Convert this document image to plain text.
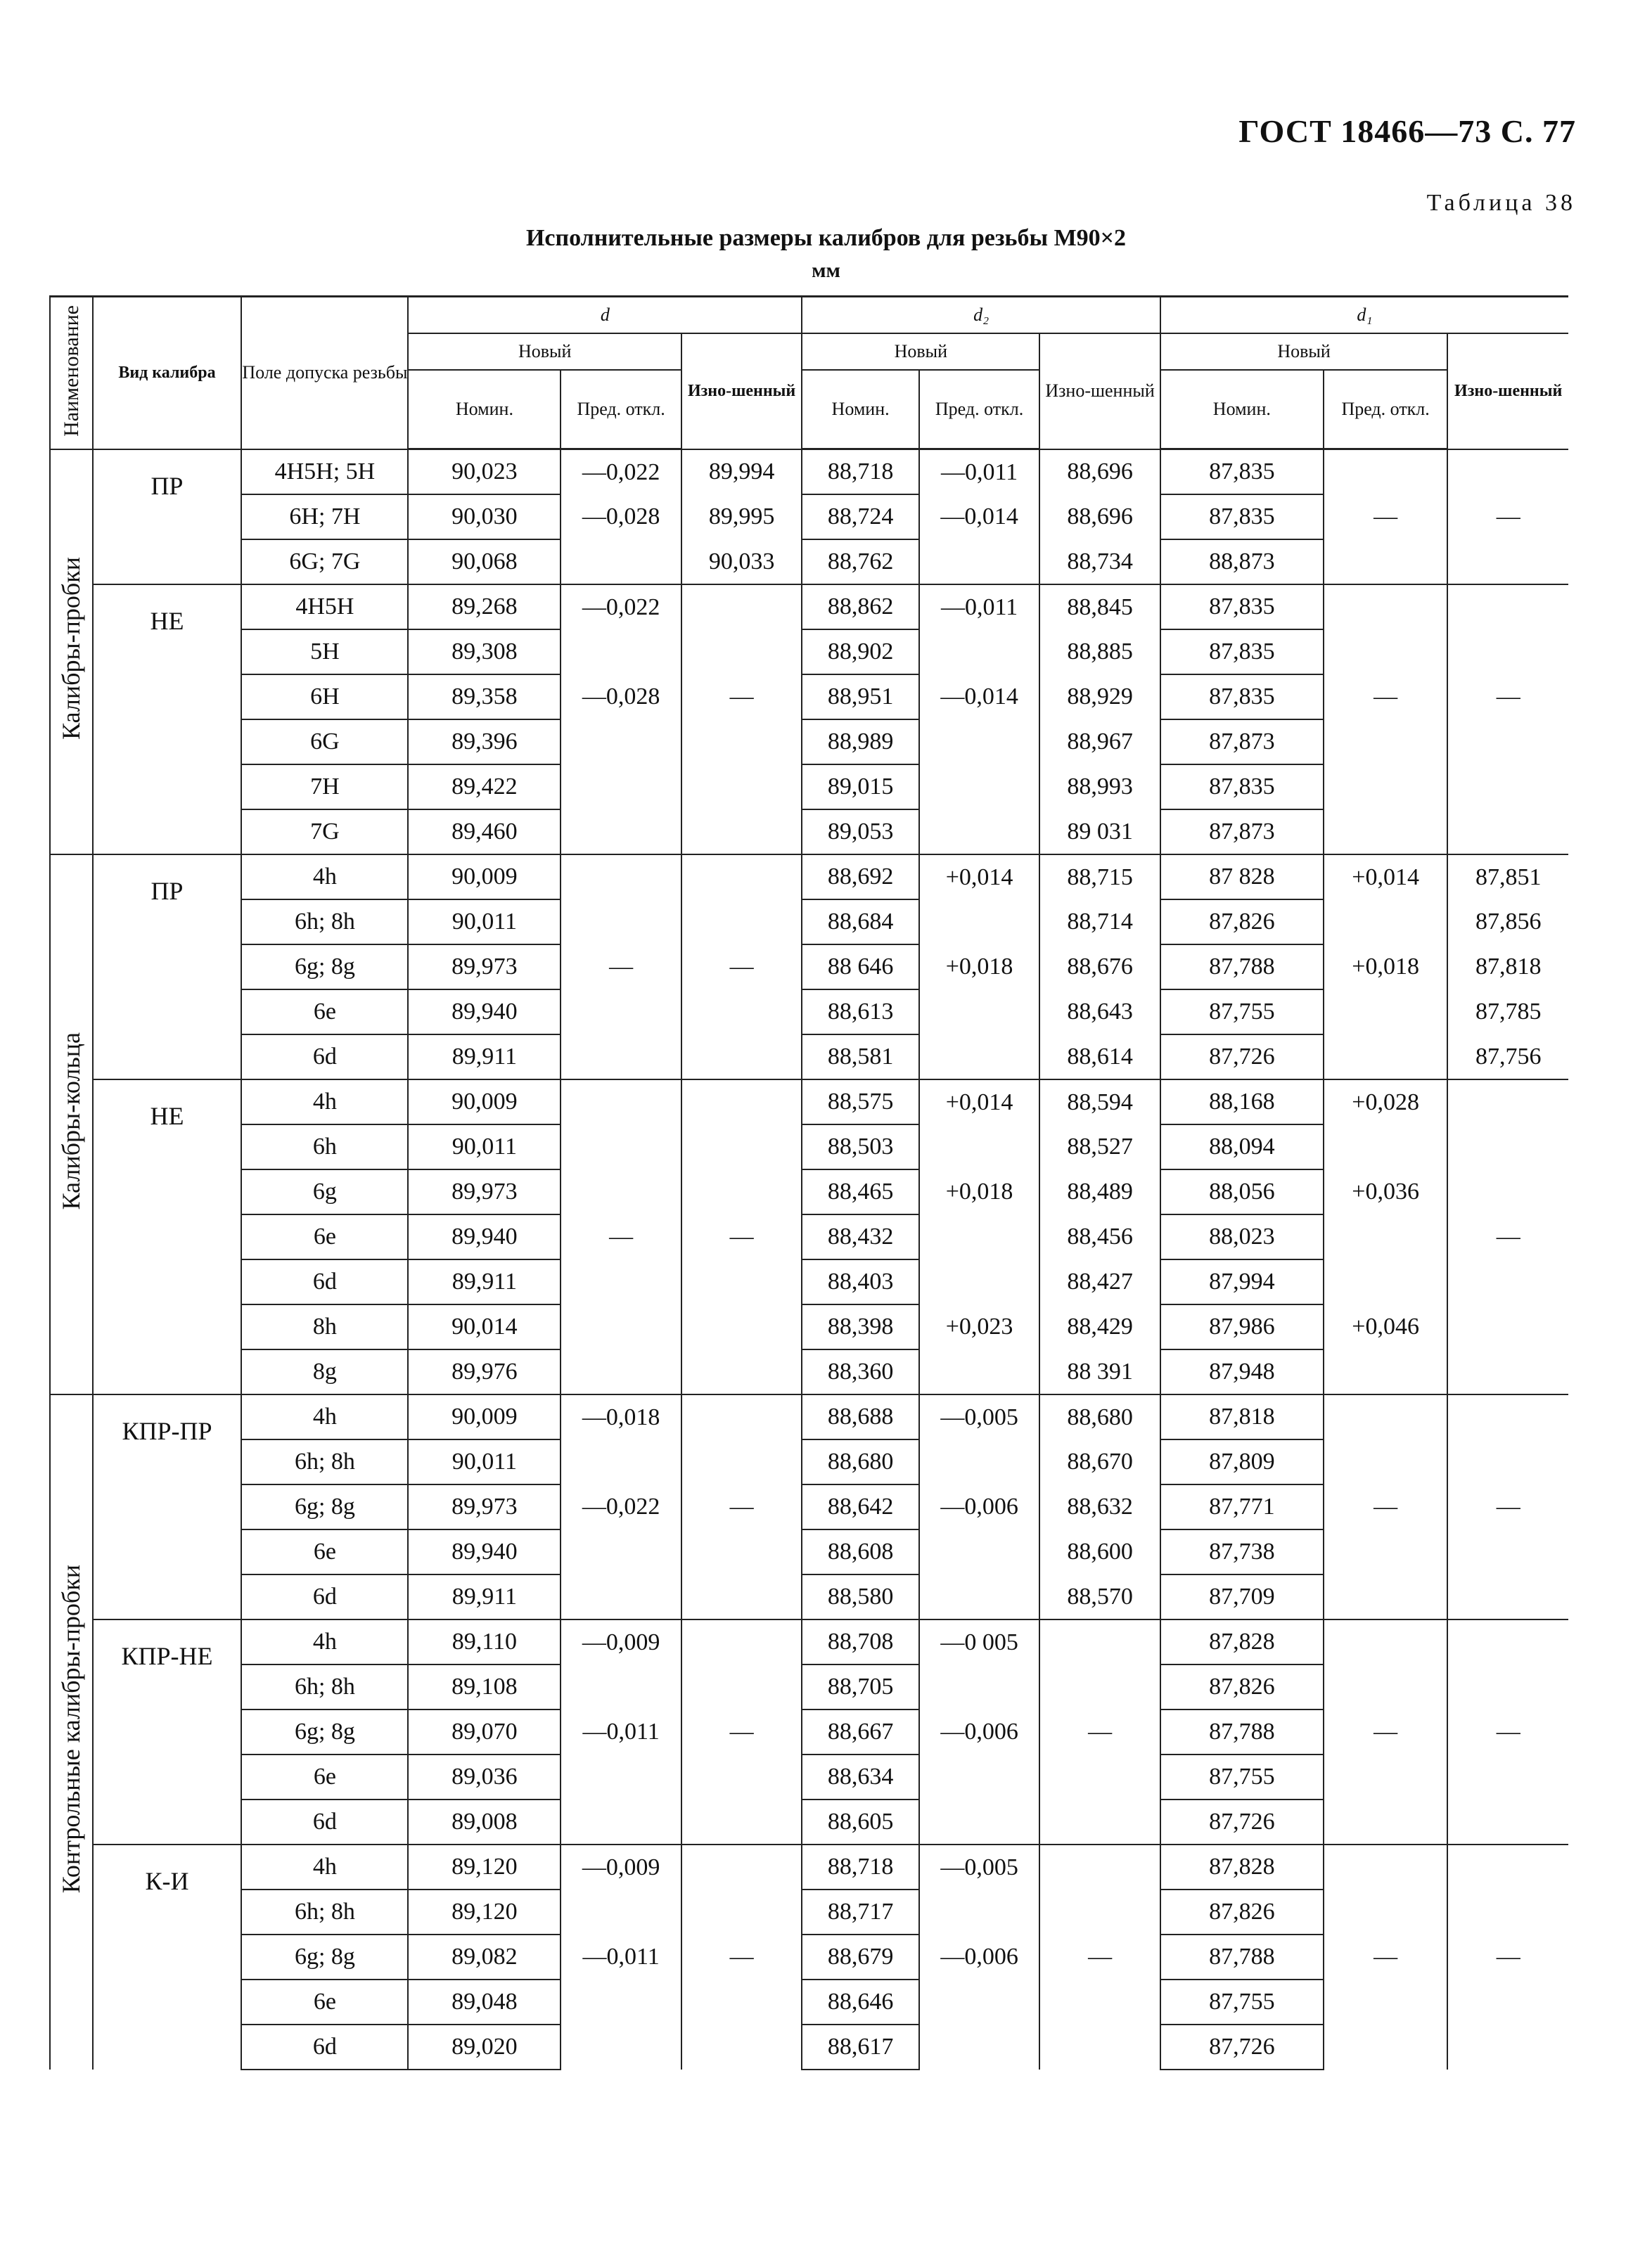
ГОСТ 18466—73 С. 77
Таблица 38
Исполнительные размеры калибров для резьбы М90×2
мм
Наименование	Вид калибра	Поле допуска резьбы	d			d₂			d₁		
			Новый		Изно-шенный	Новый		Изно-шенный	Новый		Изно-шенный
			Номин.	Пред. откл.		Номин.	Пред. откл.		Номин.	Пред. откл.	
Калибры-пробки	ПР	4H5H; 5H	90,023	—0,022	89,994	88,718	—0,011	88,696	87,835		
		6H; 7H	90,030	—0,028	89,995	88,724	—0,014	88,696	87,835	—	—
		6G; 7G	90,068		90,033	88,762		88,734	88,873		
	НЕ	4H5H	89,268	—0,022		88,862	—0,011	88,845	87,835		
		5H	89,308			88,902		88,885	87,835		
		6H	89,358	—0,028	—	88,951	—0,014	88,929	87,835	—	—
		6G	89,396			88,989		88,967	87,873		
		7H	89,422			89,015		88,993	87,835		
		7G	89,460			89,053		89 031	87,873		
Калибры-кольца	ПР	4h	90,009			88,692	+0,014	88,715	87 828	+0,014	87,851
		6h; 8h	90,011			88,684		88,714	87,826		87,856
		6g; 8g	89,973	—	—	88 646	+0,018	88,676	87,788	+0,018	87,818
		6e	89,940			88,613		88,643	87,755		87,785
		6d	89,911			88,581		88,614	87,726		87,756
	НЕ	4h	90,009			88,575	+0,014	88,594	88,168	+0,028	
		6h	90,011			88,503		88,527	88,094		
		6g	89,973			88,465	+0,018	88,489	88,056	+0,036	
		6e	89,940	—	—	88,432		88,456	88,023		—
		6d	89,911			88,403		88,427	87,994		
		8h	90,014			88,398	+0,023	88,429	87,986	+0,046	
		8g	89,976			88,360		88 391	87,948		
Контрольные калибры-пробки	КПР-ПР	4h	90,009	—0,018		88,688	—0,005	88,680	87,818		
		6h; 8h	90,011			88,680		88,670	87,809		
		6g; 8g	89,973	—0,022	—	88,642	—0,006	88,632	87,771	—	—
		6e	89,940			88,608		88,600	87,738		
		6d	89,911			88,580		88,570	87,709		
	КПР-НЕ	4h	89,110	—0,009		88,708	—0 005		87,828		
		6h; 8h	89,108			88,705			87,826		
		6g; 8g	89,070	—0,011	—	88,667	—0,006	—	87,788	—	—
		6e	89,036			88,634			87,755		
		6d	89,008			88,605			87,726		
	К-И	4h	89,120	—0,009		88,718	—0,005		87,828		
		6h; 8h	89,120			88,717			87,826		
		6g; 8g	89,082	—0,011	—	88,679	—0,006	—	87,788	—	—
		6e	89,048			88,646			87,755		
		6d	89,020			88,617			87,726		
